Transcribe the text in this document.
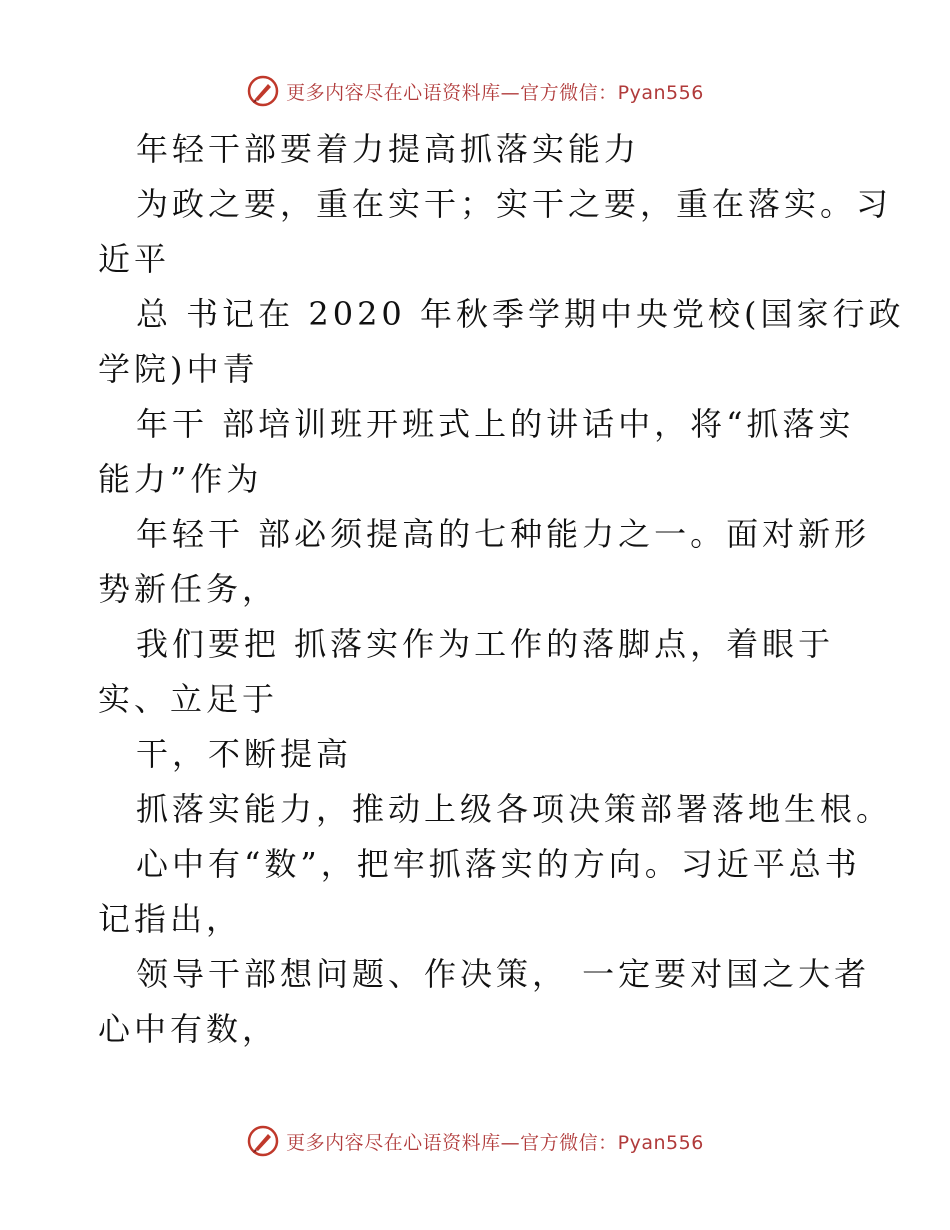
更多内容尽在心语资料库—官方微信：Pyan556
年轻干部要着力提高抓落实能力
为政之要，重在实干；实干之要，重在落实。习
近平
总 书记在 2020 年秋季学期中央党校(国家行政
学院)中青
年干 部培训班开班式上的讲话中，将“抓落实
能力”作为
年轻干 部必须提高的七种能力之一。面对新形
势新任务，
我们要把 抓落实作为工作的落脚点，着眼于
实、立足于
干，不断提高
抓落实能力，推动上级各项决策部署落地生根。
心中有“数”，把牢抓落实的方向。习近平总书
记指出，
领导干部想问题、作决策， 一定要对国之大者
心中有数，
更多内容尽在心语资料库—官方微信：Pyan556
